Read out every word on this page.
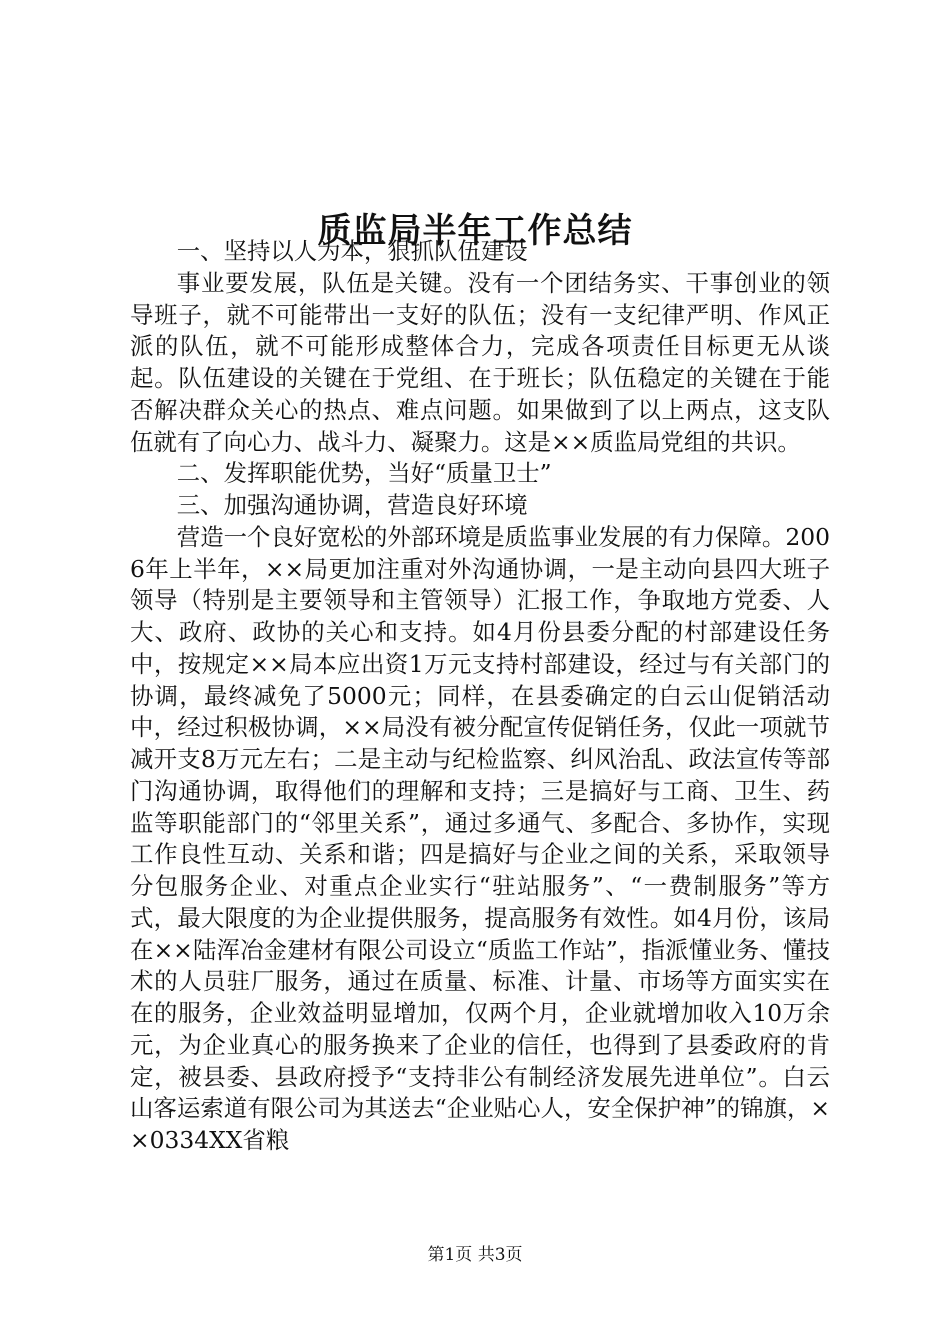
质监局半年工作总结

一、坚持以人为本，狠抓队伍建设

事业要发展，队伍是关键。没有一个团结务实、干事创业的领导班子，就不可能带出一支好的队伍；没有一支纪律严明、作风正派的队伍，就不可能形成整体合力，完成各项责任目标更无从谈起。队伍建设的关键在于党组、在于班长；队伍稳定的关键在于能否解决群众关心的热点、难点问题。如果做到了以上两点，这支队伍就有了向心力、战斗力、凝聚力。这是××质监局党组的共识。

二、发挥职能优势，当好“质量卫士”

三、加强沟通协调，营造良好环境

营造一个良好宽松的外部环境是质监事业发展的有力保障。2006年上半年，××局更加注重对外沟通协调，一是主动向县四大班子领导（特别是主要领导和主管领导）汇报工作，争取地方党委、人大、政府、政协的关心和支持。如4月份县委分配的村部建设任务中，按规定××局本应出资1万元支持村部建设，经过与有关部门的协调，最终减免了5000元；同样，在县委确定的白云山促销活动中，经过积极协调，××局没有被分配宣传促销任务，仅此一项就节减开支8万元左右；二是主动与纪检监察、纠风治乱、政法宣传等部门沟通协调，取得他们的理解和支持；三是搞好与工商、卫生、药监等职能部门的“邻里关系”，通过多通气、多配合、多协作，实现工作良性互动、关系和谐；四是搞好与企业之间的关系，采取领导分包服务企业、对重点企业实行“驻站服务”、“一费制服务”等方式，最大限度的为企业提供服务，提高服务有效性。如4月份，该局在××陆浑冶金建材有限公司设立“质监工作站”，指派懂业务、懂技术的人员驻厂服务，通过在质量、标准、计量、市场等方面实实在在的服务，企业效益明显增加，仅两个月，企业就增加收入10万余元，为企业真心的服务换来了企业的信任，也得到了县委政府的肯定，被县委、县政府授予“支持非公有制经济发展先进单位”。白云山客运索道有限公司为其送去“企业贴心人，安全保护神”的锦旗，××0334XX省粮

第1页 共3页
